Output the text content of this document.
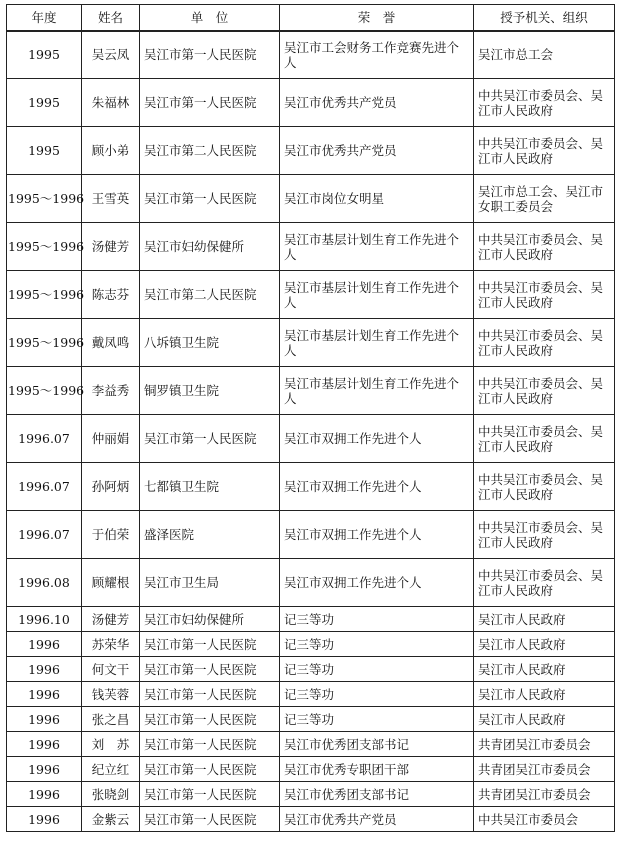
年度	姓名	单　位	荣　誉	授予机关、组织
1995	吴云凤	吴江市第一人民医院	吴江市工会财务工作竞赛先进个人	吴江市总工会
1995	朱福林	吴江市第一人民医院	吴江市优秀共产党员	中共吴江市委员会、吴江市人民政府
1995	顾小弟	吴江市第二人民医院	吴江市优秀共产党员	中共吴江市委员会、吴江市人民政府
1995～1996	王雪英	吴江市第一人民医院	吴江市岗位女明星	吴江市总工会、吴江市女职工委员会
1995～1996	汤健芳	吴江市妇幼保健所	吴江市基层计划生育工作先进个人	中共吴江市委员会、吴江市人民政府
1995～1996	陈志芬	吴江市第二人民医院	吴江市基层计划生育工作先进个人	中共吴江市委员会、吴江市人民政府
1995～1996	戴凤鸣	八坼镇卫生院	吴江市基层计划生育工作先进个人	中共吴江市委员会、吴江市人民政府
1995～1996	李益秀	铜罗镇卫生院	吴江市基层计划生育工作先进个人	中共吴江市委员会、吴江市人民政府
1996.07	仲丽娟	吴江市第一人民医院	吴江市双拥工作先进个人	中共吴江市委员会、吴江市人民政府
1996.07	孙阿炳	七都镇卫生院	吴江市双拥工作先进个人	中共吴江市委员会、吴江市人民政府
1996.07	于伯荣	盛泽医院	吴江市双拥工作先进个人	中共吴江市委员会、吴江市人民政府
1996.08	顾耀根	吴江市卫生局	吴江市双拥工作先进个人	中共吴江市委员会、吴江市人民政府
1996.10	汤健芳	吴江市妇幼保健所	记三等功	吴江市人民政府
1996	苏荣华	吴江市第一人民医院	记三等功	吴江市人民政府
1996	何文干	吴江市第一人民医院	记三等功	吴江市人民政府
1996	钱芙蓉	吴江市第一人民医院	记三等功	吴江市人民政府
1996	张之昌	吴江市第一人民医院	记三等功	吴江市人民政府
1996	刘　苏	吴江市第一人民医院	吴江市优秀团支部书记	共青团吴江市委员会
1996	纪立红	吴江市第一人民医院	吴江市优秀专职团干部	共青团吴江市委员会
1996	张晓剑	吴江市第一人民医院	吴江市优秀团支部书记	共青团吴江市委员会
1996	金紫云	吴江市第一人民医院	吴江市优秀共产党员	中共吴江市委员会
